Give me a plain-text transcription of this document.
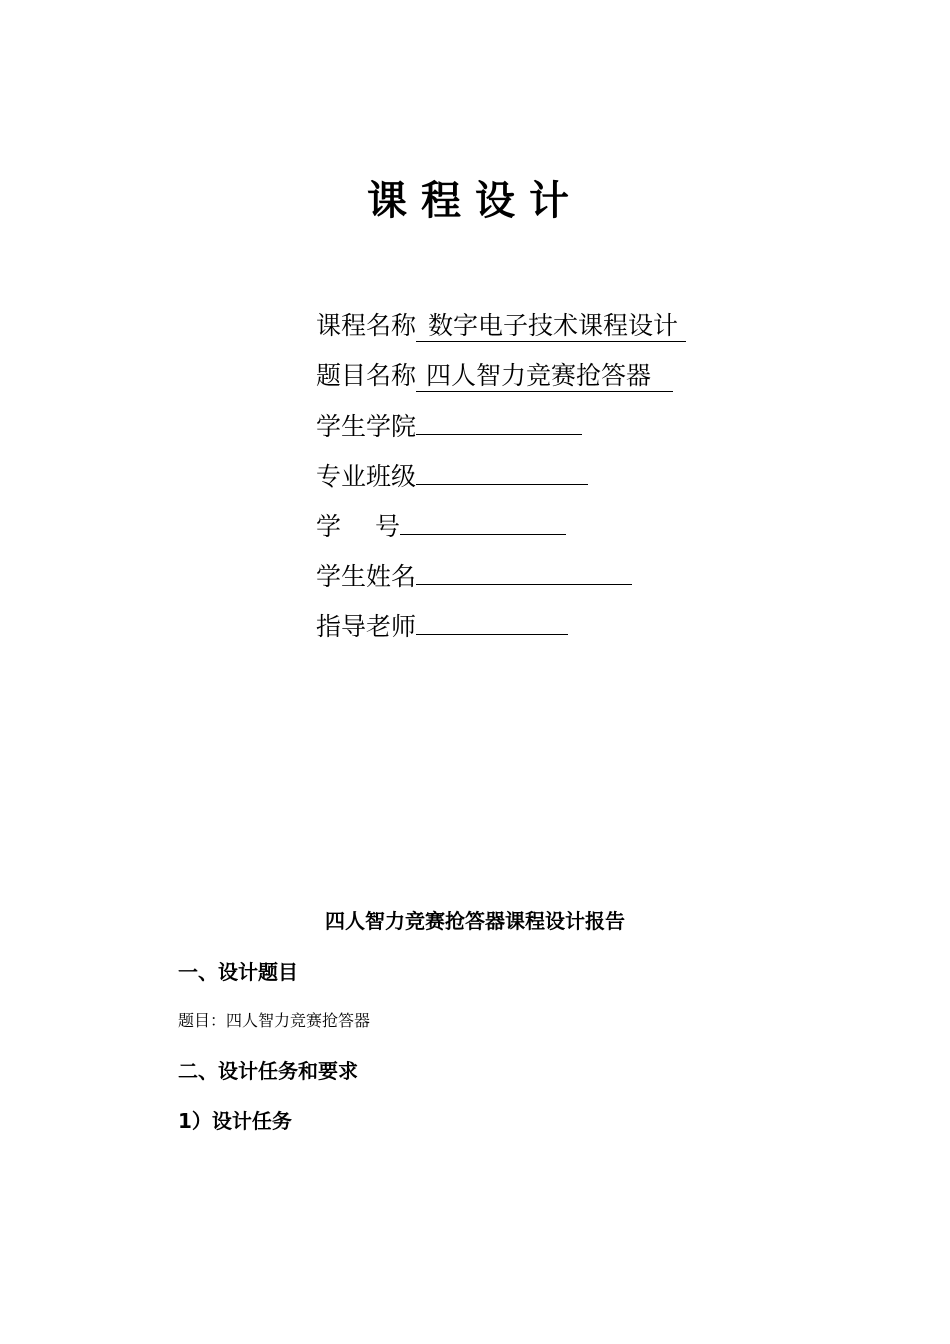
课程设计
课程名称 数字电子技术课程设计
题目名称 四人智力竞赛抢答器
学生学院
专业班级
学 号
学生姓名
指导老师
四人智力竞赛抢答器课程设计报告
一、设计题目
题目：四人智力竞赛抢答器
二、设计任务和要求
1）设计任务
